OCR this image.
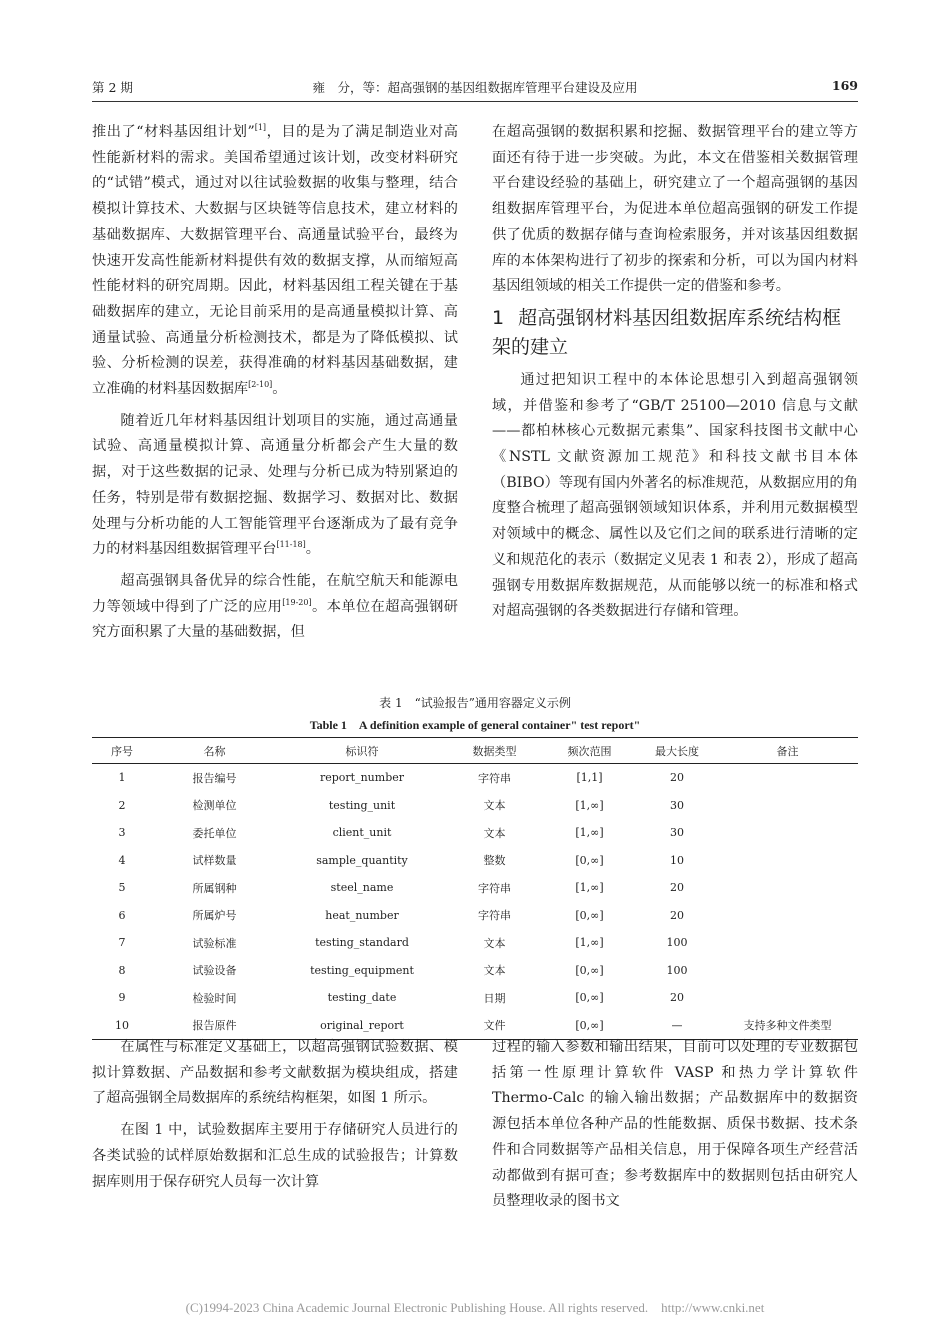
第 2 期	雍　分，等：超高强钢的基因组数据库管理平台建设及应用	169

推出了“材料基因组计划”[1]，目的是为了满足制造业对高性能新材料的需求。美国希望通过该计划，改变材料研究的“试错”模式，通过对以往试验数据的收集与整理，结合模拟计算技术、大数据与区块链等信息技术，建立材料的基础数据库、大数据管理平台、高通量试验平台，最终为快速开发高性能新材料提供有效的数据支撑，从而缩短高性能材料的研究周期。因此，材料基因组工程关键在于基础数据库的建立，无论目前采用的是高通量模拟计算、高通量试验、高通量分析检测技术，都是为了降低模拟、试验、分析检测的误差，获得准确的材料基因基础数据，建立准确的材料基因数据库[2-10]。

随着近几年材料基因组计划项目的实施，通过高通量试验、高通量模拟计算、高通量分析都会产生大量的数据，对于这些数据的记录、处理与分析已成为特别紧迫的任务，特别是带有数据挖掘、数据学习、数据对比、数据处理与分析功能的人工智能管理平台逐渐成为了最有竞争力的材料基因组数据管理平台[11-18]。

超高强钢具备优异的综合性能，在航空航天和能源电力等领域中得到了广泛的应用[19-20]。本单位在超高强钢研究方面积累了大量的基础数据，但

在超高强钢的数据积累和挖掘、数据管理平台的建立等方面还有待于进一步突破。为此，本文在借鉴相关数据管理平台建设经验的基础上，研究建立了一个超高强钢的基因组数据库管理平台，为促进本单位超高强钢的研发工作提供了优质的数据存储与查询检索服务，并对该基因组数据库的本体架构进行了初步的探索和分析，可以为国内材料基因组领域的相关工作提供一定的借鉴和参考。

1 超高强钢材料基因组数据库系统结构框架的建立

通过把知识工程中的本体论思想引入到超高强钢领域，并借鉴和参考了“GB/T 25100—2010 信息与文献——都柏林核心元数据元素集”、国家科技图书文献中心《NSTL 文献资源加工规范》和科技文献书目本体（BIBO）等现有国内外著名的标准规范，从数据应用的角度整合梳理了超高强钢领域知识体系，并利用元数据模型对领域中的概念、属性以及它们之间的联系进行清晰的定义和规范化的表示（数据定义见表 1 和表 2），形成了超高强钢专用数据库数据规范，从而能够以统一的标准和格式对超高强钢的各类数据进行存储和管理。

表 1　“试验报告”通用容器定义示例
Table 1　A definition example of general container" test report"
序号	名称	标识符	数据类型	频次范围	最大长度	备注
1	报告编号	report_number	字符串	[1,1]	20	
2	检测单位	testing_unit	文本	[1,∞]	30	
3	委托单位	client_unit	文本	[1,∞]	30	
4	试样数量	sample_quantity	整数	[0,∞]	10	
5	所属钢种	steel_name	字符串	[1,∞]	20	
6	所属炉号	heat_number	字符串	[0,∞]	20	
7	试验标准	testing_standard	文本	[1,∞]	100	
8	试验设备	testing_equipment	文本	[0,∞]	100	
9	检验时间	testing_date	日期	[0,∞]	20	
10	报告原件	original_report	文件	[0,∞]	—	支持多种文件类型

在属性与标准定义基础上，以超高强钢试验数据、模拟计算数据、产品数据和参考文献数据为模块组成，搭建了超高强钢全局数据库的系统结构框架，如图 1 所示。

在图 1 中，试验数据库主要用于存储研究人员进行的各类试验的试样原始数据和汇总生成的试验报告；计算数据库则用于保存研究人员每一次计算

过程的输入参数和输出结果，目前可以处理的专业数据包括第一性原理计算软件 VASP 和热力学计算软件 Thermo-Calc 的输入输出数据；产品数据库中的数据资源包括本单位各种产品的性能数据、质保书数据、技术条件和合同数据等产品相关信息，用于保障各项生产经营活动都做到有据可查；参考数据库中的数据则包括由研究人员整理收录的图书文

(C)1994-2023 China Academic Journal Electronic Publishing House. All rights reserved.　http://www.cnki.net
